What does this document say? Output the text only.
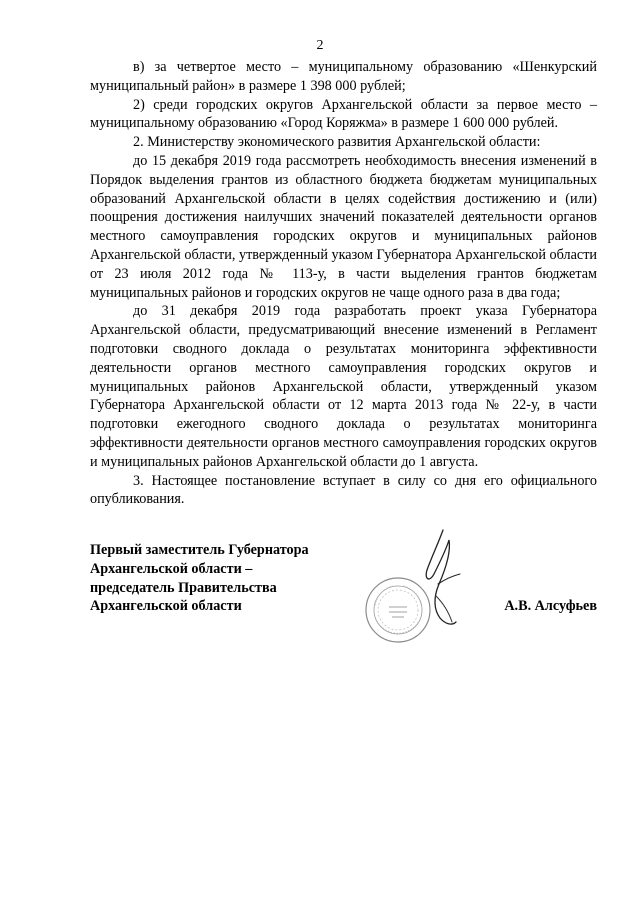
2

в) за четвертое место – муниципальному образованию «Шенкурский муниципальный район» в размере 1 398 000 рублей;

2) среди городских округов Архангельской области за первое место – муниципальному образованию «Город Коряжма» в размере 1 600 000 рублей.

2. Министерству экономического развития Архангельской области:

до 15 декабря 2019 года рассмотреть необходимость внесения изменений в Порядок выделения грантов из областного бюджета бюджетам муниципальных образований Архангельской области в целях содействия достижению и (или) поощрения достижения наилучших значений показателей деятельности органов местного самоуправления городских округов и муниципальных районов Архангельской области, утвержденный указом Губернатора Архангельской области от 23 июля 2012 года № 113-у, в части выделения грантов бюджетам муниципальных районов и городских округов не чаще одного раза в два года;

до 31 декабря 2019 года разработать проект указа Губернатора Архангельской области, предусматривающий внесение изменений в Регламент подготовки сводного доклада о результатах мониторинга эффективности деятельности органов местного самоуправления городских округов и муниципальных районов Архангельской области, утвержденный указом Губернатора Архангельской области от 12 марта 2013 года № 22-у, в части подготовки ежегодного сводного доклада о результатах мониторинга эффективности деятельности органов местного самоуправления городских округов и муниципальных районов Архангельской области до 1 августа.

3. Настоящее постановление вступает в силу со дня его официального опубликования.

Первый заместитель Губернатора
Архангельской области –
председатель Правительства
Архангельской области	А.В. Алсуфьев
